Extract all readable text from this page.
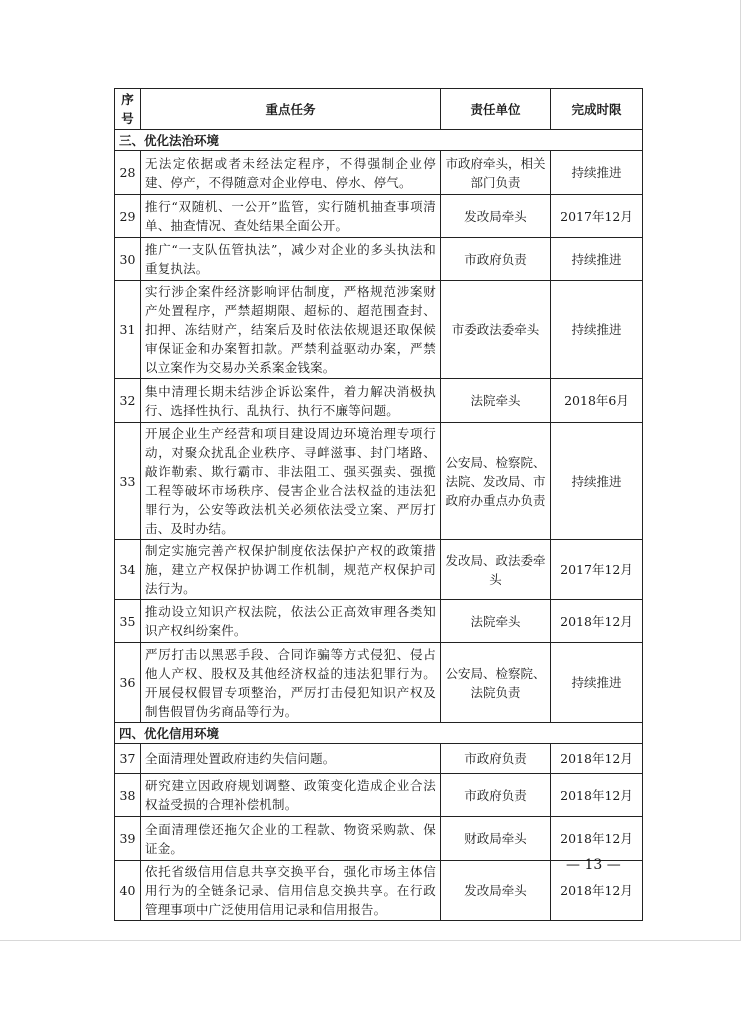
序号	重点任务	责任单位	完成时限
三、优化法治环境			
28	无法定依据或者未经法定程序，不得强制企业停建、停产，不得随意对企业停电、停水、停气。	市政府牵头，相关部门负责	持续推进
29	推行“双随机、一公开”监管，实行随机抽查事项清单、抽查情况、查处结果全面公开。	发改局牵头	2017年12月
30	推广“一支队伍管执法”，减少对企业的多头执法和重复执法。	市政府负责	持续推进
31	实行涉企案件经济影响评估制度，严格规范涉案财产处置程序，严禁超期限、超标的、超范围查封、扣押、冻结财产，结案后及时依法依规退还取保候审保证金和办案暂扣款。严禁利益驱动办案，严禁以立案作为交易办关系案金钱案。	市委政法委牵头	持续推进
32	集中清理长期未结涉企诉讼案件，着力解决消极执行、选择性执行、乱执行、执行不廉等问题。	法院牵头	2018年6月
33	开展企业生产经营和项目建设周边环境治理专项行动，对聚众扰乱企业秩序、寻衅滋事、封门堵路、敲诈勒索、欺行霸市、非法阻工、强买强卖、强揽工程等破坏市场秩序、侵害企业合法权益的违法犯罪行为，公安等政法机关必须依法受立案、严厉打击、及时办结。	公安局、检察院、法院、发改局、市政府办重点办负责	持续推进
34	制定实施完善产权保护制度依法保护产权的政策措施，建立产权保护协调工作机制，规范产权保护司法行为。	发改局、政法委牵头	2017年12月
35	推动设立知识产权法院，依法公正高效审理各类知识产权纠纷案件。	法院牵头	2018年12月
36	严厉打击以黑恶手段、合同诈骗等方式侵犯、侵占他人产权、股权及其他经济权益的违法犯罪行为。开展侵权假冒专项整治，严厉打击侵犯知识产权及制售假冒伪劣商品等行为。	公安局、检察院、法院负责	持续推进
四、优化信用环境			
37	全面清理处置政府违约失信问题。	市政府负责	2018年12月
38	研究建立因政府规划调整、政策变化造成企业合法权益受损的合理补偿机制。	市政府负责	2018年12月
39	全面清理偿还拖欠企业的工程款、物资采购款、保证金。	财政局牵头	2018年12月
40	依托省级信用信息共享交换平台，强化市场主体信用行为的全链条记录、信用信息交换共享。在行政管理事项中广泛使用信用记录和信用报告。	发改局牵头	2018年12月
— 13 —
